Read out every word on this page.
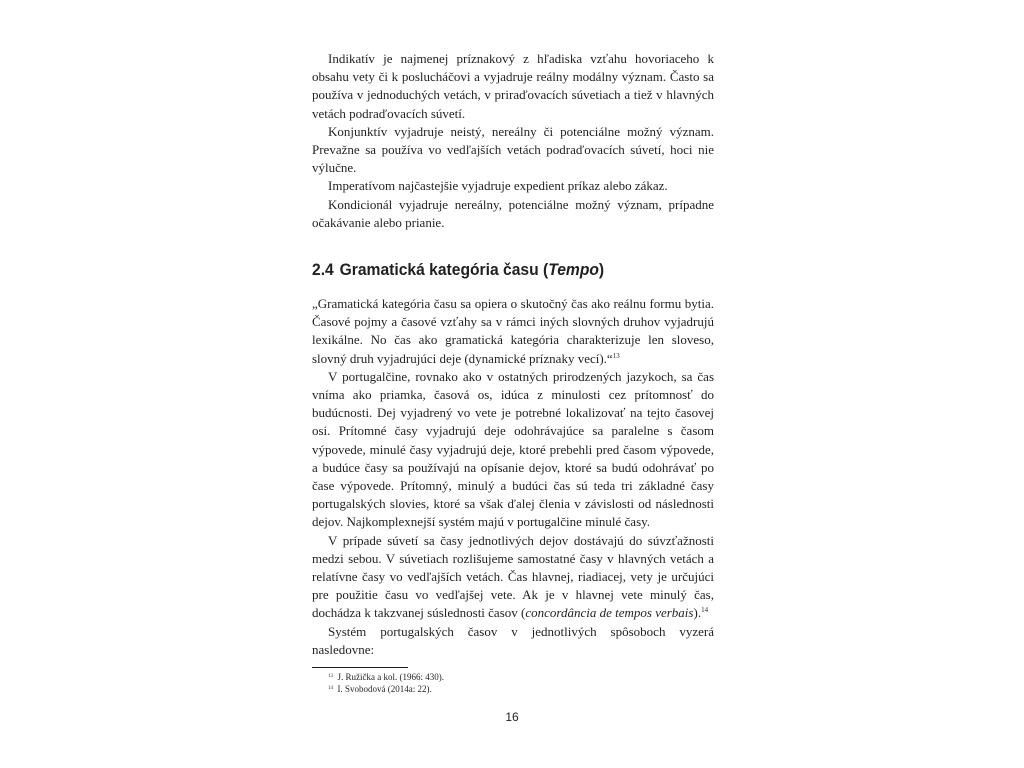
Indikatív je najmenej príznakový z hľadiska vzťahu hovoriaceho k obsahu vety či k poslucháčovi a vyjadruje reálny modálny význam. Často sa používa v jednoduchých vetách, v priraďovacích súvetiach a tiež v hlavných vetách podraďovacích súvetí.

Konjunktív vyjadruje neistý, nereálny či potenciálne možný význam. Prevažne sa používa vo vedľajších vetách podraďovacích súvetí, hoci nie výlučne.

Imperatívom najčastejšie vyjadruje expedient príkaz alebo zákaz.

Kondicionál vyjadruje nereálny, potenciálne možný význam, prípadne očakávanie alebo prianie.

2.4 Gramatická kategória času (Tempo)

„Gramatická kategória času sa opiera o skutočný čas ako reálnu formu bytia. Časové pojmy a časové vzťahy sa v rámci iných slovných druhov vyjadrujú lexikálne. No čas ako gramatická kategória charakterizuje len sloveso, slovný druh vyjadrujúci deje (dynamické príznaky vecí).“$^{13}$

V portugalčine, rovnako ako v ostatných prirodzených jazykoch, sa čas vníma ako priamka, časová os, idúca z minulosti cez prítomnosť do budúcnosti. Dej vyjadrený vo vete je potrebné lokalizovať na tejto časovej osi. Prítomné časy vyjadrujú deje odohrávajúce sa paralelne s časom výpovede, minulé časy vyjadrujú deje, ktoré prebehli pred časom výpovede, a budúce časy sa používajú na opísanie dejov, ktoré sa budú odohrávať po čase výpovede. Prítomný, minulý a budúci čas sú teda tri základné časy portugalských slovies, ktoré sa však ďalej členia v závislosti od následnosti dejov. Najkomplexnejší systém majú v portugalčine minulé časy.

V prípade súvetí sa časy jednotlivých dejov dostávajú do súvzťažnosti medzi sebou. V súvetiach rozlišujeme samostatné časy v hlavných vetách a relatívne časy vo vedľajších vetách. Čas hlavnej, riadiacej, vety je určujúci pre použitie času vo vedľajšej vete. Ak je v hlavnej vete minulý čas, dochádza k takzvanej súslednosti časov (concordância de tempos verbais).$^{14}$

Systém portugalských časov v jednotlivých spôsoboch vyzerá nasledovne:

$^{13}$ J. Ružička a kol. (1966: 430).

$^{14}$ I. Svobodová (2014a: 22).

16
